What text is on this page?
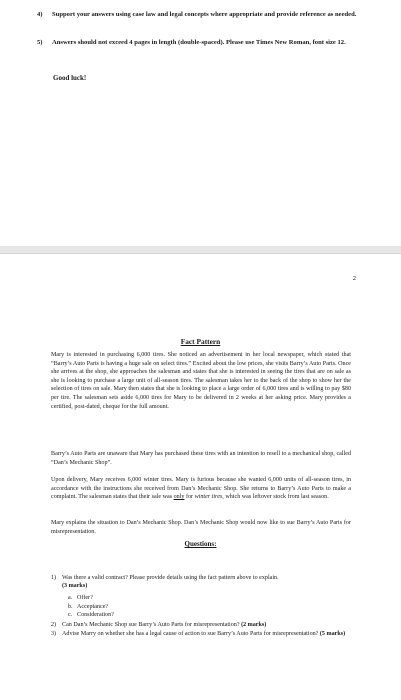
4) Support your answers using case law and legal concepts where appropriate and provide reference as needed.
5) Answers should not exceed 4 pages in length (double-spaced). Please use Times New Roman, font size 12.
Good luck!
2
Fact Pattern

Mary is interested in purchasing 6,000 tires. She noticed an advertisement in her local newspaper, which stated that “Barry’s Auto Parts is having a huge sale on select tires.” Excited about the low prices, she visits Barry’s Auto Parts. Once she arrives at the shop, she approaches the salesman and states that she is interested in seeing the tires that are on sale as she is looking to purchase a large unit of all-season tires. The salesman takes her to the back of the shop to show her the selection of tires on sale. Mary then states that she is looking to place a large order of 6,000 tires and is willing to pay $80 per tire. The salesman sets aside 6,000 tires for Mary to be delivered in 2 weeks at her asking price. Mary provides a certified, post-dated, cheque for the full amount.

Barry’s Auto Parts are unaware that Mary has purchased these tires with an intention to resell to a mechanical shop, called “Dan’s Mechanic Shop”.

Upon delivery, Mary receives 6,000 winter tires. Mary is furious because she wanted 6,000 units of all-season tires, in accordance with the instructions she received from Dan’s Mechanic Shop. She returns to Barry’s Auto Parts to make a complaint. The salesman states that their sale was only for winter tires, which was leftover stock from last season.

Mary explains the situation to Dan’s Mechanic Shop. Dan’s Mechanic Shop would now like to sue Barry’s Auto Parts for misrepresentation.

Questions:
1) Was there a valid contract? Please provide details using the fact pattern above to explain.
(3 marks)
a. Offer?
b. Acceptance?
c. Consideration?
2) Can Dan’s Mechanic Shop sue Barry’s Auto Parts for misrepresentation? (2 marks)
3) Advise Marry on whether she has a legal cause of action to sue Barry’s Auto Parts for misrepresentation? (5 marks)
